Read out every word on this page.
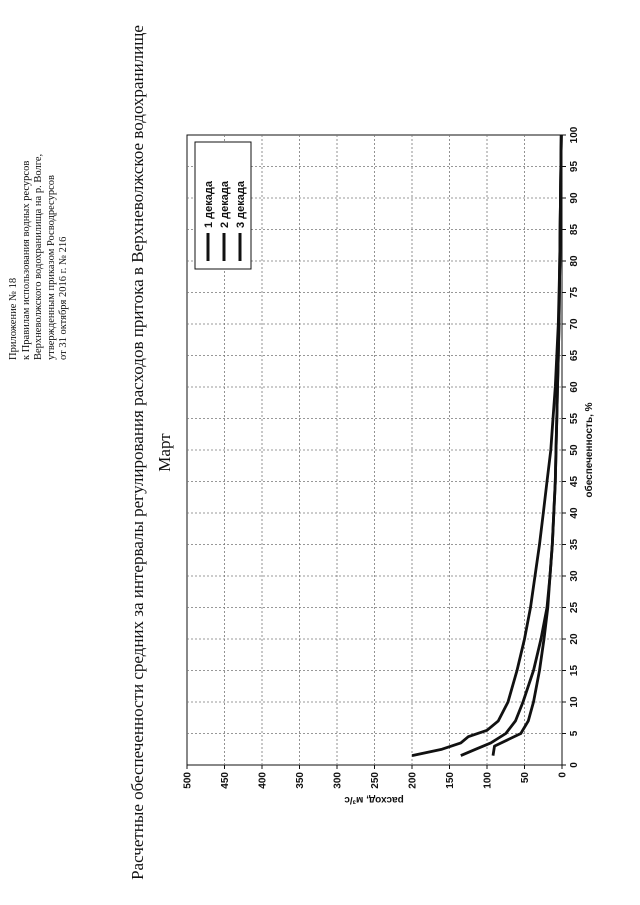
Приложение № 18 к Правилам использования водных ресурсов Верхневолжского водохранилища на р. Волге, утвержденным приказом Росводресурсов от 31 октября 2016 г. № 216	Расчетные обеспеченности средних за интервалы регулирования расходов притока в Верхневолжское водохранилище Март
0
5
10
15
20
25
30
35
40
45
50
55
60
65
70
75
80
85
90
95
100
0
50
100
150
200
250
300
350
400
450
500
1 декада 2 декада 3 декада
обеспеченность, %
расход, м³/с
